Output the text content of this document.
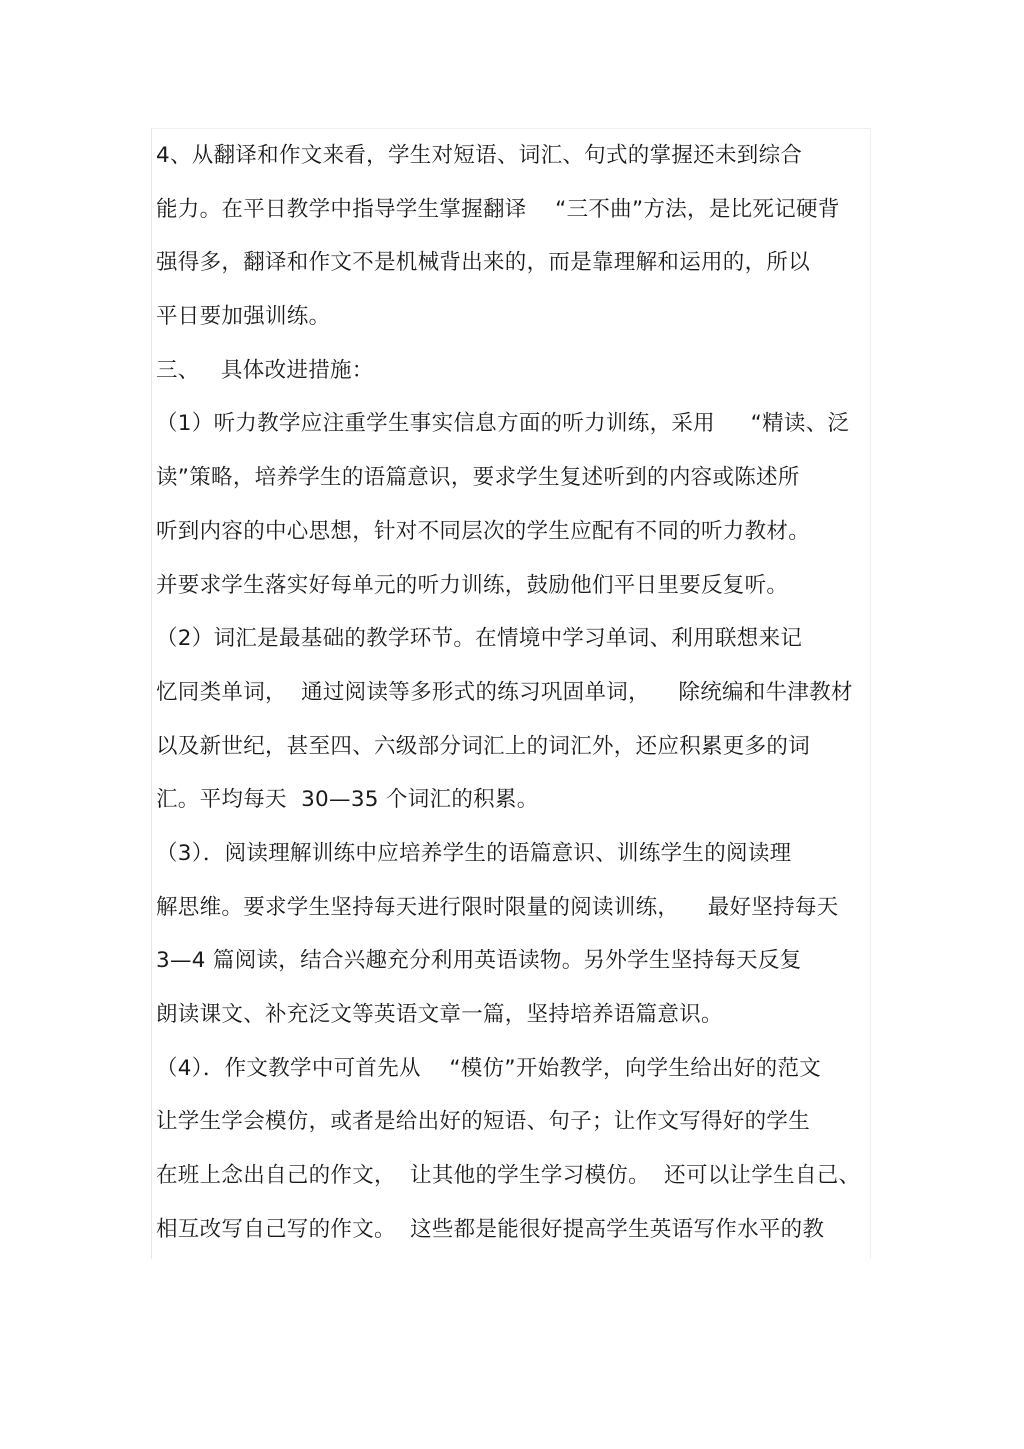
4、从翻译和作文来看，学生对短语、词汇、句式的掌握还未到综合
能力。在平日教学中指导学生掌握翻译    “三不曲”方法，是比死记硬背
强得多，翻译和作文不是机械背出来的，而是靠理解和运用的，所以
平日要加强训练。
三、   具体改进措施：
（1）听力教学应注重学生事实信息方面的听力训练，采用     “精读、泛
读”策略，培养学生的语篇意识，要求学生复述听到的内容或陈述所
听到内容的中心思想，针对不同层次的学生应配有不同的听力教材。
并要求学生落实好每单元的听力训练，鼓励他们平日里要反复听。
（2）词汇是最基础的教学环节。在情境中学习单词、利用联想来记
忆同类单词，  通过阅读等多形式的练习巩固单词，    除统编和牛津教材
以及新世纪，甚至四、六级部分词汇上的词汇外，还应积累更多的词
汇。平均每天  30—35 个词汇的积累。
（3）．阅读理解训练中应培养学生的语篇意识、训练学生的阅读理
解思维。要求学生坚持每天进行限时限量的阅读训练，    最好坚持每天
3—4 篇阅读，结合兴趣充分利用英语读物。另外学生坚持每天反复
朗读课文、补充泛文等英语文章一篇，坚持培养语篇意识。
（4）．作文教学中可首先从    “模仿”开始教学，向学生给出好的范文
让学生学会模仿，或者是给出好的短语、句子；让作文写得好的学生
在班上念出自己的作文，  让其他的学生学习模仿。  还可以让学生自己、
相互改写自己写的作文。  这些都是能很好提高学生英语写作水平的教
